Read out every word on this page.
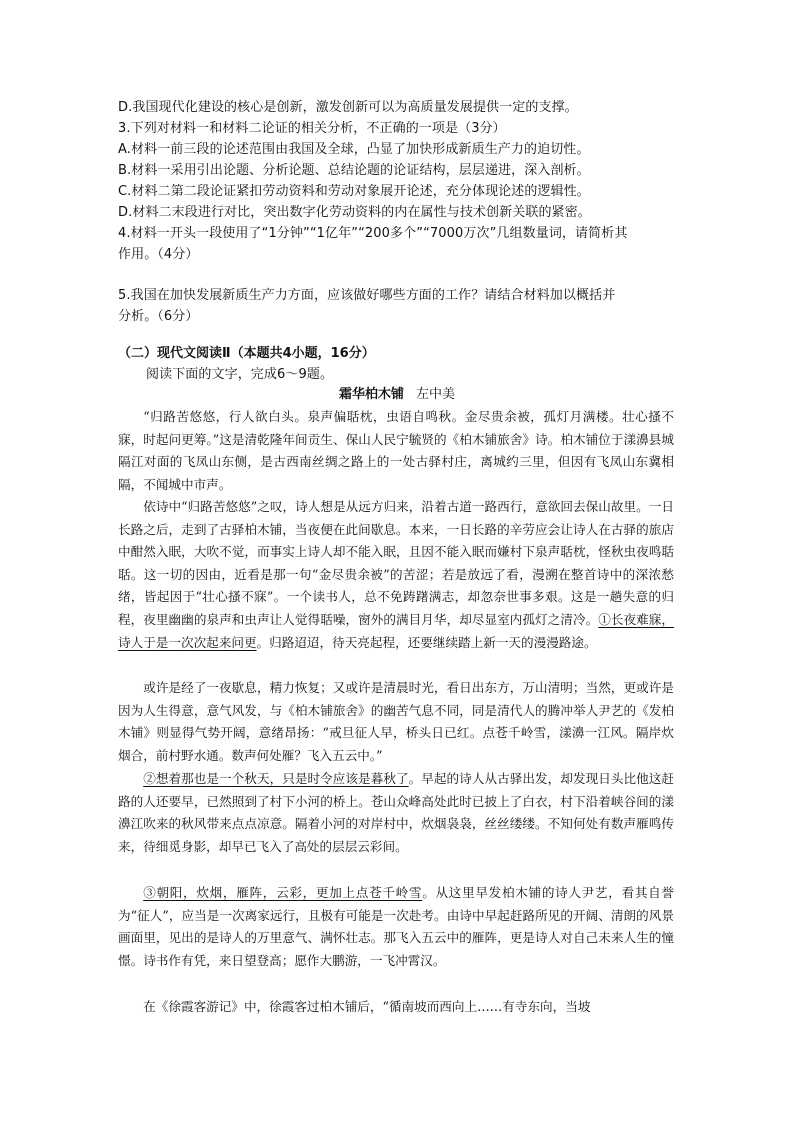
D.我国现代化建设的核心是创新，激发创新可以为高质量发展提供一定的支撑。
3.下列对材料一和材料二论证的相关分析，不正确的一项是（3分）
A.材料一前三段的论述范围由我国及全球，凸显了加快形成新质生产力的迫切性。
B.材料一采用引出论题、分析论题、总结论题的论证结构，层层递进，深入剖析。
C.材料二第二段论证紧扣劳动资料和劳动对象展开论述，充分体现论述的逻辑性。
D.材料二末段进行对比，突出数字化劳动资料的内在属性与技术创新关联的紧密。
4.材料一开头一段使用了“1分钟”“1亿年”“200多个”“7000万次”几组数量词，请简析其
作用。（4分）
5.我国在加快发展新质生产力方面，应该做好哪些方面的工作？请结合材料加以概括并
分析。（6分）
（二）现代文阅读Ⅱ（本题共4小题，16分）
阅读下面的文字，完成6～9题。
霜华柏木铺 左中美

“归路苦悠悠，行人欲白头。泉声偏聒枕，虫语自鸣秋。金尽贵余被，孤灯月满楼。壮心搔不寐，时起问更筹。”这是清乾隆年间贡生、保山人民宁毓贤的《柏木铺旅舍》诗。柏木铺位于漾濞县城隔江对面的飞凤山东侧，是古西南丝绸之路上的一处古驿村庄，离城约三里，但因有飞凤山东冀相隔，不闻城中市声。

依诗中“归路苦悠悠”之叹，诗人想是从远方归来，沿着古道一路西行，意欲回去保山故里。一日长路之后，走到了古驿柏木铺，当夜便在此间歇息。本来，一日长路的辛劳应会让诗人在古驿的旅店中酣然入眠，大吹不觉，而事实上诗人却不能入眠，且因不能入眠而嫌村下泉声聒枕，怪秋虫夜鸣聒聒。这一切的因由，近看是那一句“金尽贵余被”的苦涩；若是放远了看，漫溯在整首诗中的深浓愁绪，皆起因于“壮心搔不寐”。一个读书人，总不免踌躇满志，却忽奈世事多艰。这是一趟失意的归程，夜里幽幽的泉声和虫声让人觉得聒噪，窗外的满目月华，却尽显室内孤灯之清冷。①长夜难寐，诗人于是一次次起来问更。归路迢迢，待天亮起程，还要继续踏上新一天的漫漫路途。

或许是经了一夜歇息，精力恢复；又或许是清晨时光，看日出东方，万山清明；当然，更或许是因为人生得意，意气风发，与《柏木铺旅舍》的幽苦气息不同，同是清代人的腾冲举人尹艺的《发柏木铺》则显得气势开阔，意绪昂扬：“戒旦征人早，桥头日已红。点苍千岭雪，漾濞一江风。隔岸炊烟合，前村野水通。数声何处雁？飞入五云中。”

②想着那也是一个秋天，只是时令应该是暮秋了。早起的诗人从古驿出发，却发现日头比他这赶路的人还要早，已然照到了村下小河的桥上。苍山众峰高处此时已披上了白衣，村下沿着峡谷间的漾濞江吹来的秋风带来点点凉意。隔着小河的对岸村中，炊烟袅袅，丝丝缕缕。不知何处有数声雁鸣传来，待细觅身影，却早已飞入了高处的层层云彩间。

③朝阳，炊烟，雁阵，云彩，更加上点苍千岭雪。从这里早发柏木铺的诗人尹艺，看其自誉为“征人”，应当是一次离家远行，且极有可能是一次赴考。由诗中早起赶路所见的开阔、清朗的风景画面里，见出的是诗人的万里意气、满怀壮志。那飞入五云中的雁阵，更是诗人对自己未来人生的憧憬。诗书作有凭，来日望登高；愿作大鹏游，一飞冲霄汉。

在《徐霞客游记》中，徐霞客过柏木铺后，“循南坡而西向上……有寺东向，当坡
